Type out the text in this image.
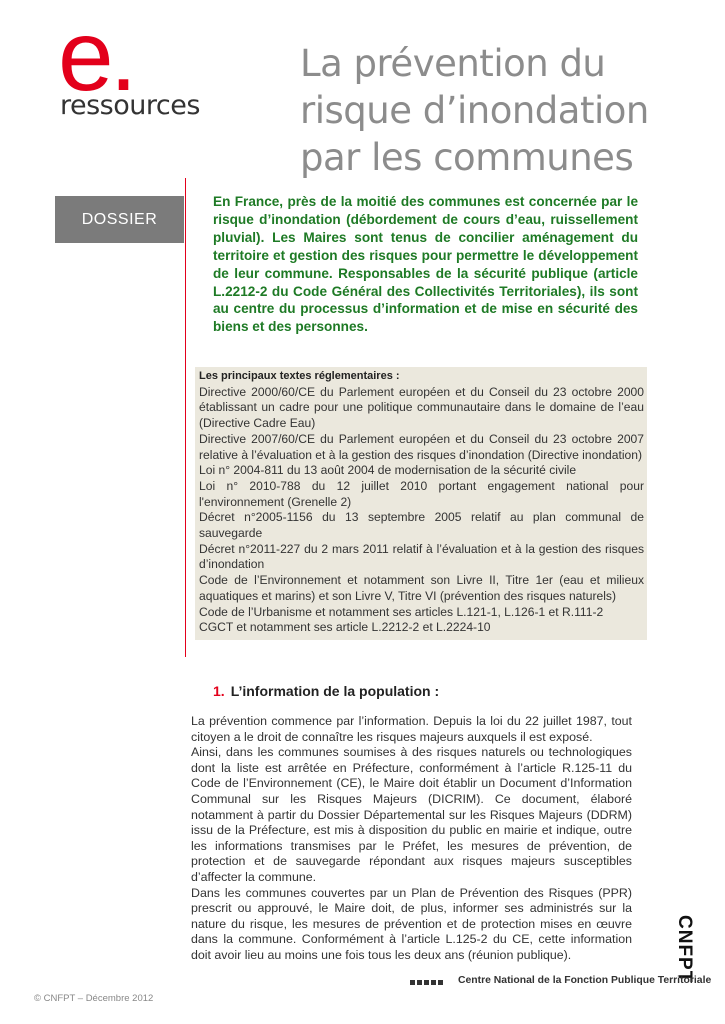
e.
ressources
La prévention du risque d’inondation par les communes
DOSSIER
En France, près de la moitié des communes est concernée par le risque d’inondation (débordement de cours d’eau, ruissellement pluvial). Les Maires sont tenus de concilier aménagement du territoire et gestion des risques pour permettre le développement de leur commune. Responsables de la sécurité publique (article L.2212-2 du Code Général des Collectivités Territoriales), ils sont au centre du processus d’information et de mise en sécurité des biens et des personnes.

Les principaux textes réglementaires :

Directive 2000/60/CE du Parlement européen et du Conseil du 23 octobre 2000 établissant un cadre pour une politique communautaire dans le domaine de l’eau (Directive Cadre Eau)

Directive 2007/60/CE du Parlement européen et du Conseil du 23 octobre 2007 relative à l’évaluation et à la gestion des risques d’inondation (Directive inondation)

Loi n° 2004-811 du 13 août 2004 de modernisation de la sécurité civile

Loi n° 2010-788 du 12 juillet 2010 portant engagement national pour l'environnement (Grenelle 2)

Décret n°2005-1156 du 13 septembre 2005 relatif au plan communal de sauvegarde

Décret n°2011-227 du 2 mars 2011 relatif à l’évaluation et à la gestion des risques d’inondation

Code de l’Environnement et notamment son Livre II, Titre 1er (eau et milieux aquatiques et marins) et son Livre V, Titre VI (prévention des risques naturels)

Code de l’Urbanisme et notamment ses articles L.121-1, L.126-1 et R.111-2

CGCT et notamment ses article L.2212-2 et L.2224-10

1. L’information de la population :

La prévention commence par l’information. Depuis la loi du 22 juillet 1987, tout citoyen a le droit de connaître les risques majeurs auxquels il est exposé.

Ainsi, dans les communes soumises à des risques naturels ou technologiques dont la liste est arrêtée en Préfecture, conformément à l’article R.125-11 du Code de l’Environnement (CE), le Maire doit établir un Document d’Information Communal sur les Risques Majeurs (DICRIM). Ce document, élaboré notamment à partir du Dossier Départemental sur les Risques Majeurs (DDRM) issu de la Préfecture, est mis à disposition du public en mairie et indique, outre les informations transmises par le Préfet, les mesures de prévention, de protection et de sauvegarde répondant aux risques majeurs susceptibles d’affecter la commune.

Dans les communes couvertes par un Plan de Prévention des Risques (PPR) prescrit ou approuvé, le Maire doit, de plus, informer ses administrés sur la nature du risque, les mesures de prévention et de protection mises en œuvre dans la commune. Conformément à l’article L.125-2 du CE, cette information doit avoir lieu au moins une fois tous les deux ans (réunion publique).	CNFPT
© CNFPT – Décembre 2012
Centre National de la Fonction Publique Territoriale
